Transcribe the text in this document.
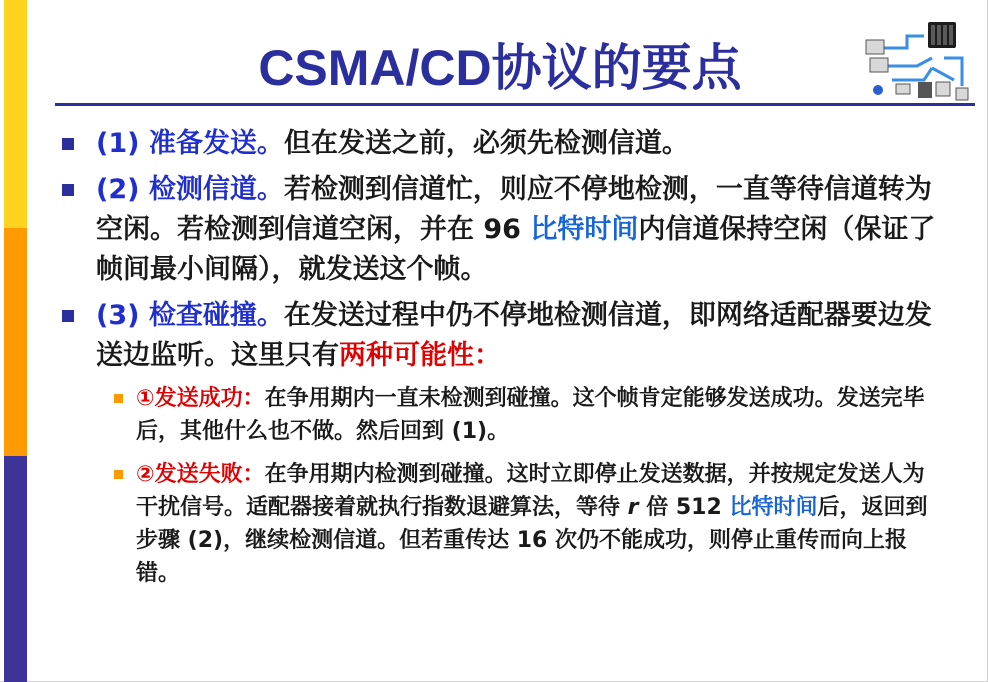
CSMA/CD协议的要点
(1) 准备发送。但在发送之前，必须先检测信道。
(2) 检测信道。若检测到信道忙，则应不停地检测，一直等待信道转为空闲。若检测到信道空闲，并在 96 比特时间内信道保持空闲（保证了帧间最小间隔），就发送这个帧。
(3) 检查碰撞。在发送过程中仍不停地检测信道，即网络适配器要边发送边监听。这里只有两种可能性：
①发送成功：在争用期内一直未检测到碰撞。这个帧肯定能够发送成功。发送完毕后，其他什么也不做。然后回到 (1)。
②发送失败：在争用期内检测到碰撞。这时立即停止发送数据，并按规定发送人为干扰信号。适配器接着就执行指数退避算法，等待 r 倍 512 比特时间后，返回到步骤 (2)，继续检测信道。但若重传达 16 次仍不能成功，则停止重传而向上报错。
